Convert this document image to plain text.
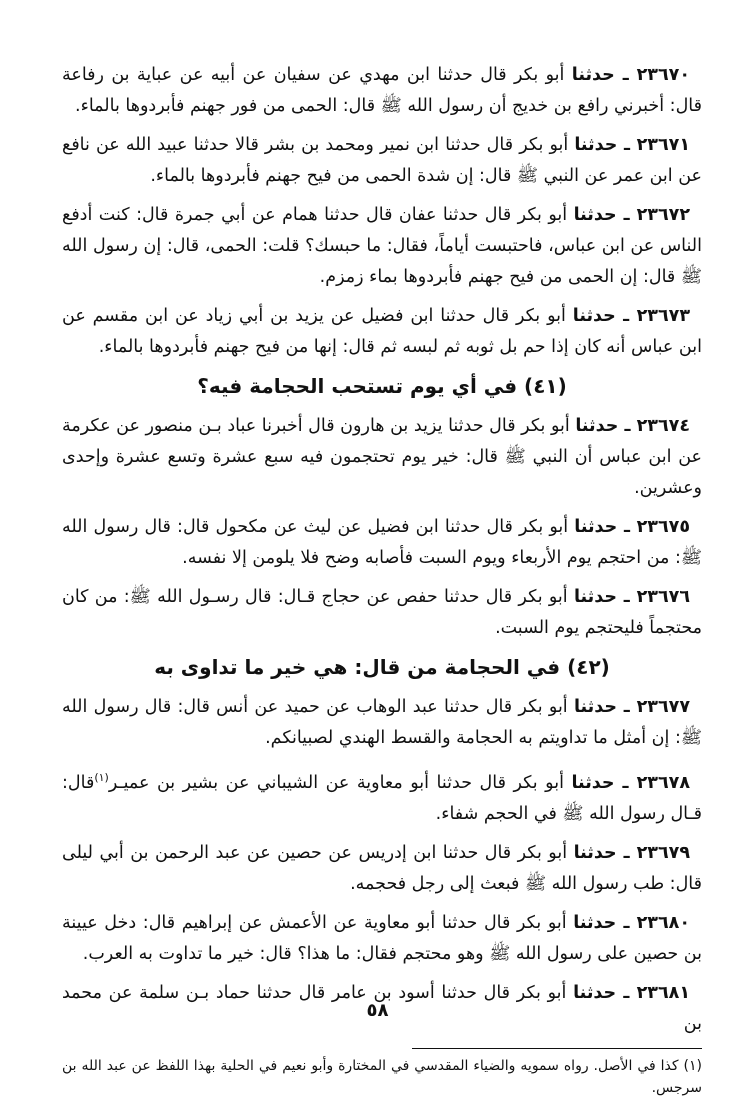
٢٣٦٧٠ ـ حدثنا أبو بكر قال حدثنا ابن مهدي عن سفيان عن أبيه عن عباية بن رفاعة قال: أخبرني رافع بن خديج أن رسول الله ﷺ قال: الحمى من فور جهنم فأبردوها بالماء.

٢٣٦٧١ ـ حدثنا أبو بكر قال حدثنا ابن نمير ومحمد بن بشر قالا حدثنا عبيد الله عن نافع عن ابن عمر عن النبي ﷺ قال: إن شدة الحمى من فيح جهنم فأبردوها بالماء.

٢٣٦٧٢ ـ حدثنا أبو بكر قال حدثنا عفان قال حدثنا همام عن أبي جمرة قال: كنت أدفع الناس عن ابن عباس، فاحتبست أياماً، فقال: ما حبسك؟ قلت: الحمى، قال: إن رسول الله ﷺ قال: إن الحمى من فيح جهنم فأبردوها بماء زمزم.

٢٣٦٧٣ ـ حدثنا أبو بكر قال حدثنا ابن فضيل عن يزيد بن أبي زياد عن ابن مقسم عن ابن عباس أنه كان إذا حم بل ثوبه ثم لبسه ثم قال: إنها من فيح جهنم فأبردوها بالماء.

(٤١) في أي يوم تستحب الحجامة فيه؟

٢٣٦٧٤ ـ حدثنا أبو بكر قال حدثنا يزيد بن هارون قال أخبرنا عباد بـن منصور عن عكرمة عن ابن عباس أن النبي ﷺ قال: خير يوم تحتجمون فيه سبع عشرة وتسع عشرة وإحدى وعشرين.

٢٣٦٧٥ ـ حدثنا أبو بكر قال حدثنا ابن فضيل عن ليث عن مكحول قال: قال رسول الله ﷺ: من احتجم يوم الأربعاء ويوم السبت فأصابه وضح فلا يلومن إلا نفسه.

٢٣٦٧٦ ـ حدثنا أبو بكر قال حدثنا حفص عن حجاج قـال: قال رسـول الله ﷺ: من كان محتجماً فليحتجم يوم السبت.

(٤٢) في الحجامة من قال: هي خير ما تداوى به

٢٣٦٧٧ ـ حدثنا أبو بكر قال حدثنا عبد الوهاب عن حميد عن أنس قال: قال رسول الله ﷺ: إن أمثل ما تداويتم به الحجامة والقسط الهندي لصبيانكم.

٢٣٦٧٨ ـ حدثنا أبو بكر قال حدثنا أبو معاوية عن الشيباني عن بشير بن عميـر$^{(١)}$قال: قـال رسول الله ﷺ في الحجم شفاء.

٢٣٦٧٩ ـ حدثنا أبو بكر قال حدثنا ابن إدريس عن حصين عن عبد الرحمن بن أبي ليلى قال: طب رسول الله ﷺ فبعث إلى رجل فحجمه.

٢٣٦٨٠ ـ حدثنا أبو بكر قال حدثنا أبو معاوية عن الأعمش عن إبراهيم قال: دخل عيينة بن حصين على رسول الله ﷺ وهو محتجم فقال: ما هذا؟ قال: خير ما تداوت به العرب.

٢٣٦٨١ ـ حدثنا أبو بكر قال حدثنا أسود بن عامر قال حدثنا حماد بـن سلمة عن محمد بن

(١) كذا في الأصل. رواه سمويه والضياء المقدسي في المختارة وأبو نعيم في الحلية بهذا اللفظ عن عبد الله بن سرجس.
٥٨
